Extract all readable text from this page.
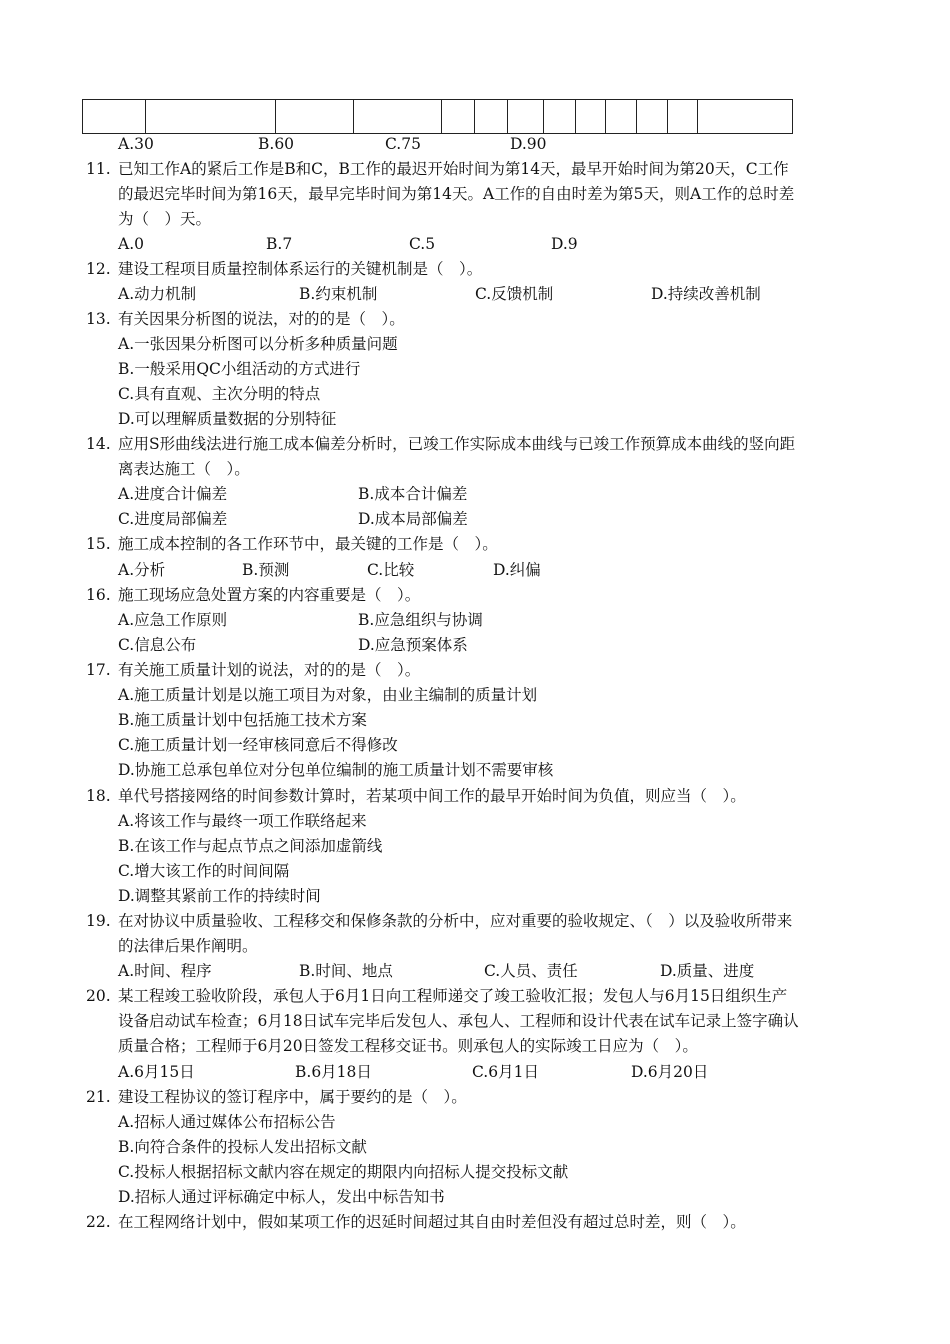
A.30	B.60	C.75	D.90
11. 已知工作A的紧后工作是B和C，B工作的最迟开始时间为第14天，最早开始时间为第20天，C工作
的最迟完毕时间为第16天，最早完毕时间为第14天。A工作的自由时差为第5天，则A工作的总时差
为（　）天。
A.0	B.7	C.5	D.9
12. 建设工程项目质量控制体系运行的关键机制是（　）。
A.动力机制	B.约束机制	C.反馈机制	D.持续改善机制
13. 有关因果分析图的说法，对的的是（　）。
A.一张因果分析图可以分析多种质量问题
B.一般采用QC小组活动的方式进行
C.具有直观、主次分明的特点
D.可以理解质量数据的分别特征
14. 应用S形曲线法进行施工成本偏差分析时，已竣工作实际成本曲线与已竣工作预算成本曲线的竖向距
离表达施工（　）。
A.进度合计偏差	B.成本合计偏差
C.进度局部偏差	D.成本局部偏差
15. 施工成本控制的各工作环节中，最关键的工作是（　）。
A.分析	B.预测	C.比较	D.纠偏
16. 施工现场应急处置方案的内容重要是（　）。
A.应急工作原则	B.应急组织与协调
C.信息公布	D.应急预案体系
17. 有关施工质量计划的说法，对的的是（　）。
A.施工质量计划是以施工项目为对象，由业主编制的质量计划
B.施工质量计划中包括施工技术方案
C.施工质量计划一经审核同意后不得修改
D.协施工总承包单位对分包单位编制的施工质量计划不需要审核
18. 单代号搭接网络的时间参数计算时，若某项中间工作的最早开始时间为负值，则应当（　）。
A.将该工作与最终一项工作联络起来
B.在该工作与起点节点之间添加虚箭线
C.增大该工作的时间间隔
D.调整其紧前工作的持续时间
19. 在对协议中质量验收、工程移交和保修条款的分析中，应对重要的验收规定、（　）以及验收所带来
的法律后果作阐明。
A.时间、程序	B.时间、地点	C.人员、责任	D.质量、进度
20. 某工程竣工验收阶段，承包人于6月1日向工程师递交了竣工验收汇报；发包人与6月15日组织生产
设备启动试车检查；6月18日试车完毕后发包人、承包人、工程师和设计代表在试车记录上签字确认
质量合格；工程师于6月20日签发工程移交证书。则承包人的实际竣工日应为（　）。
A.6月15日	B.6月18日	C.6月1日	D.6月20日
21. 建设工程协议的签订程序中，属于要约的是（　）。
A.招标人通过媒体公布招标公告
B.向符合条件的投标人发出招标文献
C.投标人根据招标文献内容在规定的期限内向招标人提交投标文献
D.招标人通过评标确定中标人，发出中标告知书
22. 在工程网络计划中，假如某项工作的迟延时间超过其自由时差但没有超过总时差，则（　）。
